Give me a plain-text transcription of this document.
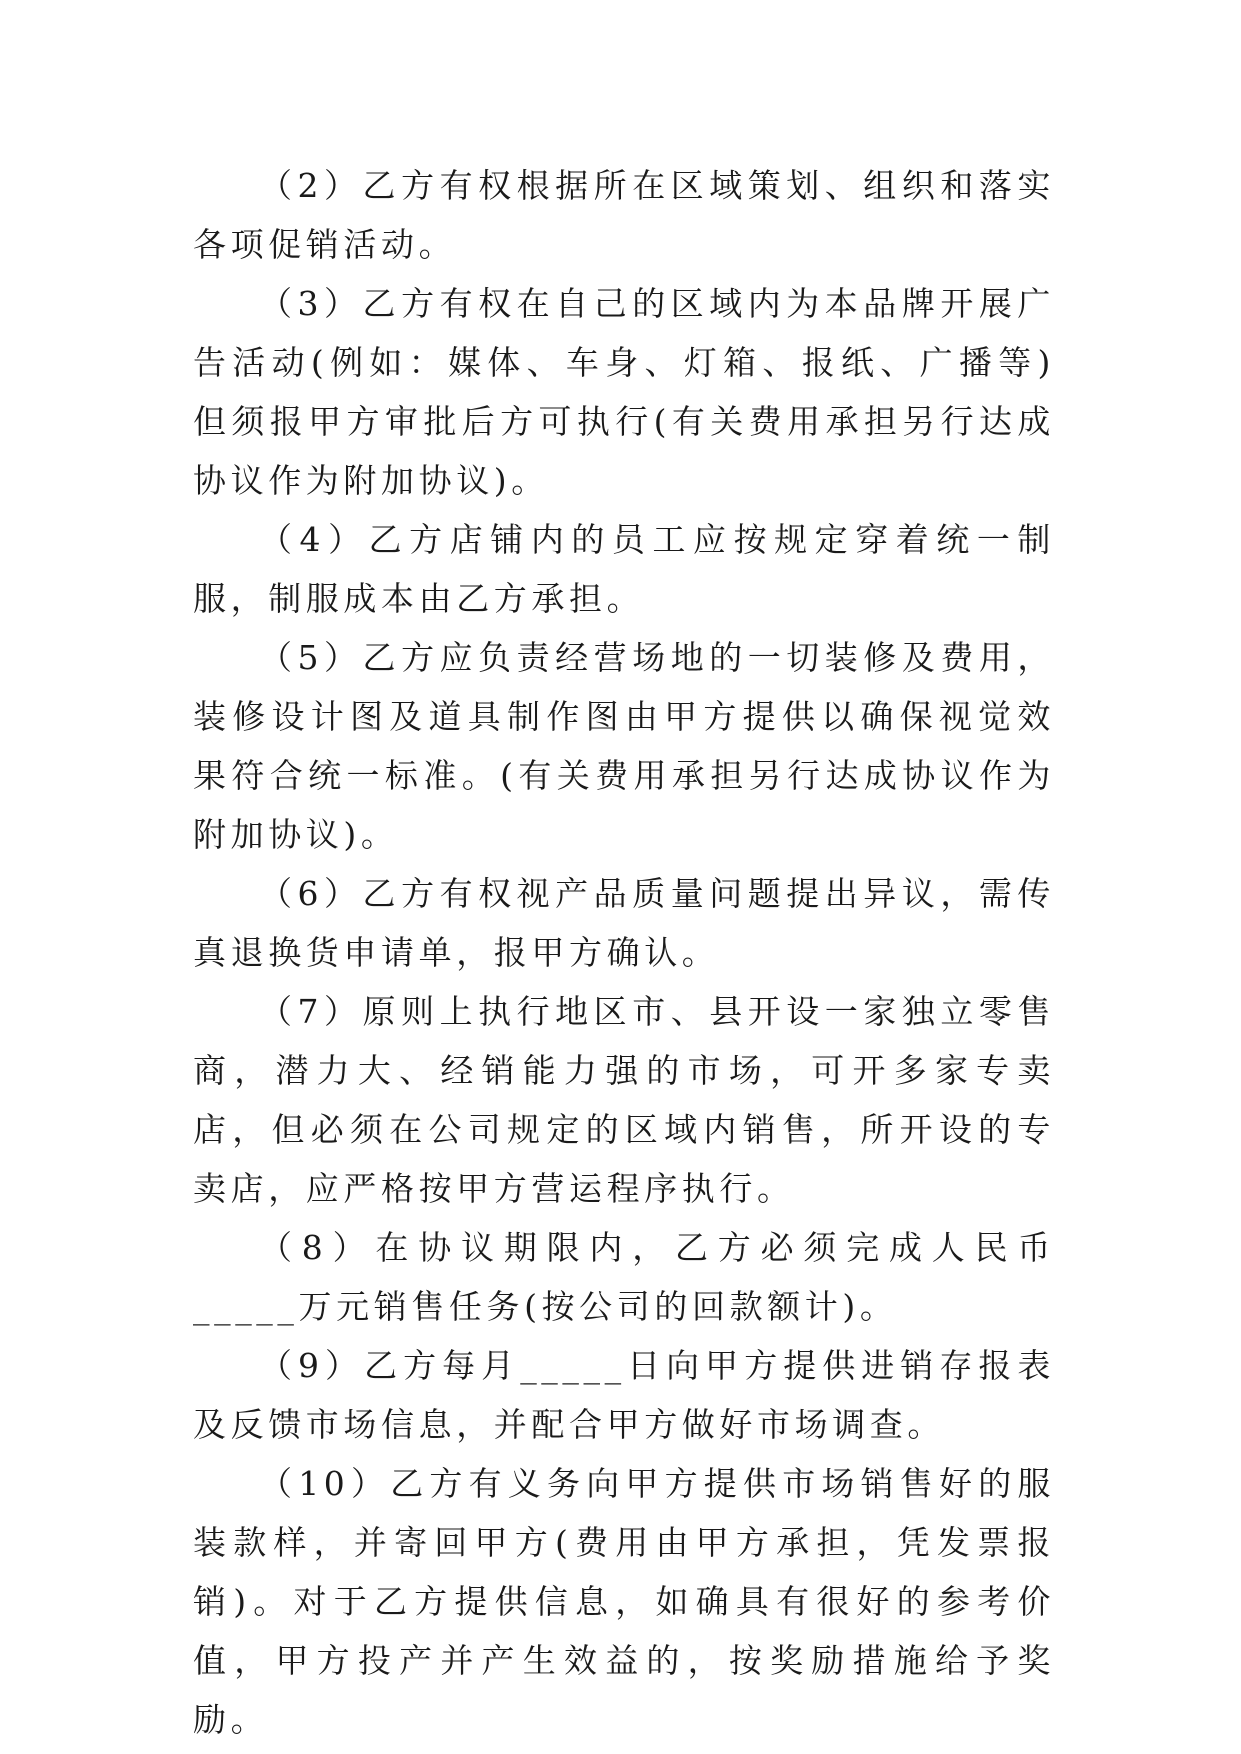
（2）乙方有权根据所在区域策划、组织和落实各项促销活动。

（3）乙方有权在自己的区域内为本品牌开展广告活动(例如：媒体、车身、灯箱、报纸、广播等)但须报甲方审批后方可执行(有关费用承担另行达成协议作为附加协议)。

（4）乙方店铺内的员工应按规定穿着统一制服，制服成本由乙方承担。

（5）乙方应负责经营场地的一切装修及费用，装修设计图及道具制作图由甲方提供以确保视觉效果符合统一标准。(有关费用承担另行达成协议作为附加协议)。

（6）乙方有权视产品质量问题提出异议，需传真退换货申请单，报甲方确认。

（7）原则上执行地区市、县开设一家独立零售商，潜力大、经销能力强的市场，可开多家专卖店，但必须在公司规定的区域内销售，所开设的专卖店，应严格按甲方营运程序执行。

（8）在协议期限内，乙方必须完成人民币_____万元销售任务(按公司的回款额计)。

（9）乙方每月_____日向甲方提供进销存报表及反馈市场信息，并配合甲方做好市场调查。

（10）乙方有义务向甲方提供市场销售好的服装款样，并寄回甲方(费用由甲方承担，凭发票报销)。对于乙方提供信息，如确具有很好的参考价值，甲方投产并产生效益的，按奖励措施给予奖励。
